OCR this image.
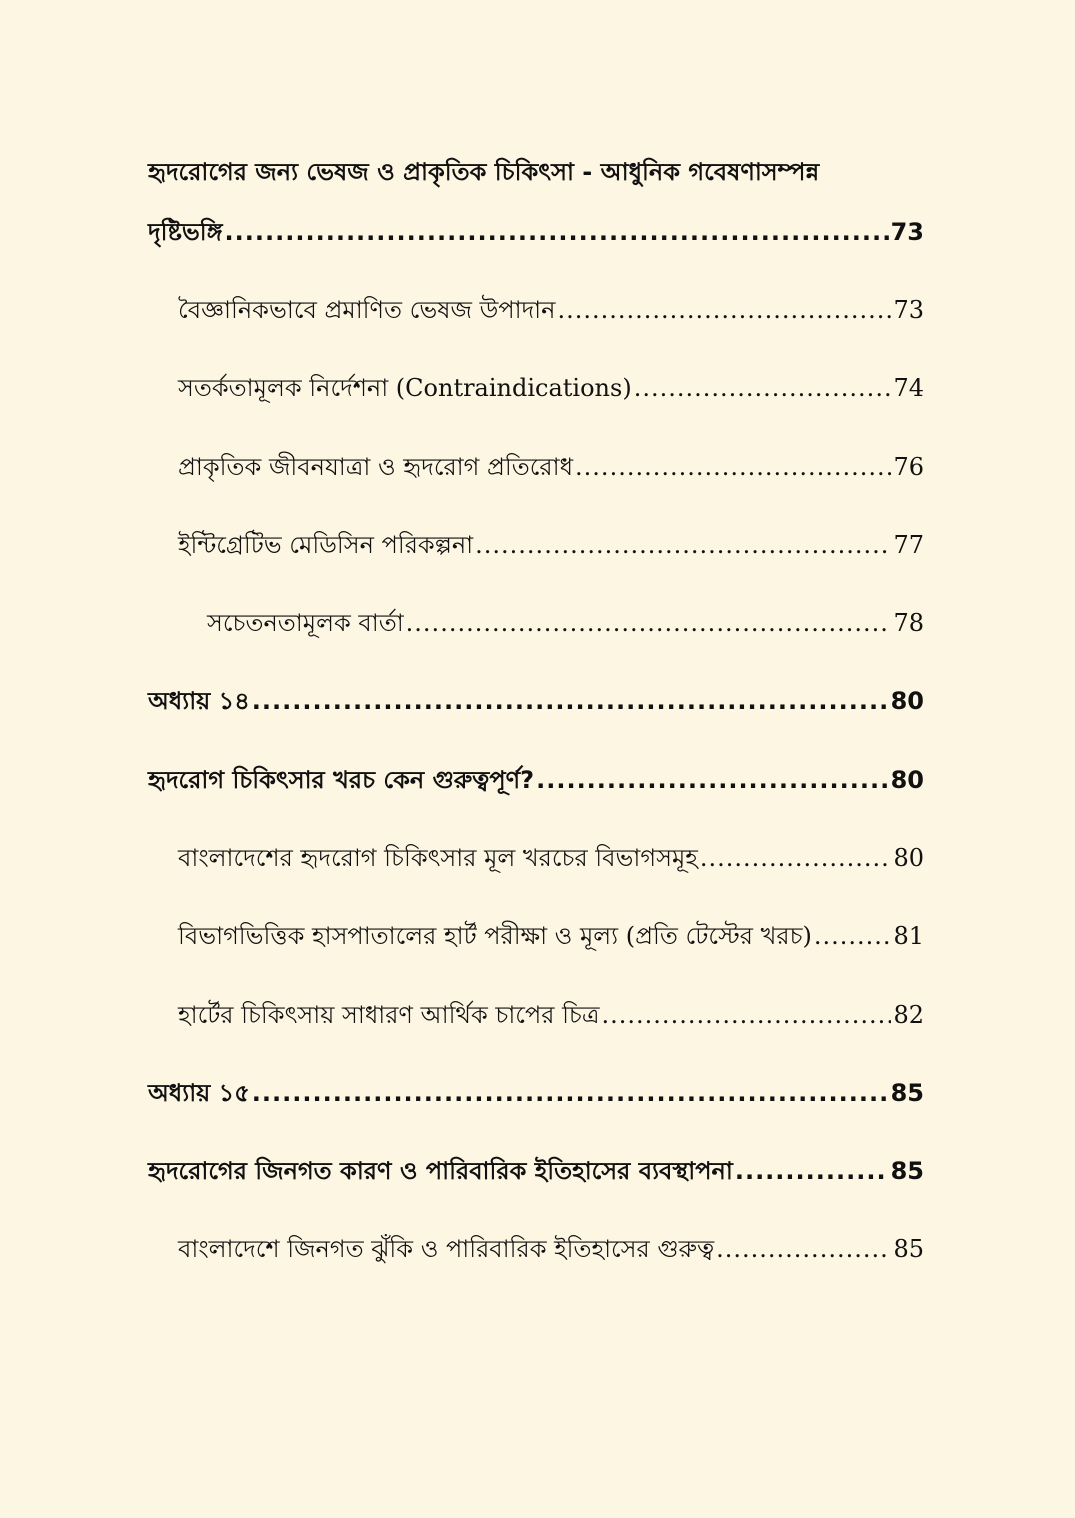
হৃদরোগের জন্য ভেষজ ও প্রাকৃতিক চিকিৎসা - আধুনিক গবেষণাসম্পন্ন
দৃষ্টিভঙ্গি .....	73
বৈজ্ঞানিকভাবে প্রমাণিত ভেষজ উপাদান .....	73
সতর্কতামূলক নির্দেশনা (Contraindications) .....	74
প্রাকৃতিক জীবনযাত্রা ও হৃদরোগ প্রতিরোধ .....	76
ইন্টিগ্রেটিভ মেডিসিন পরিকল্পনা .....	77
সচেতনতামূলক বার্তা .....	78
অধ্যায় ১৪ .....	80
হৃদরোগ চিকিৎসার খরচ কেন গুরুত্বপূর্ণ? .....	80
বাংলাদেশের হৃদরোগ চিকিৎসার মূল খরচের বিভাগসমূহ .....	80
বিভাগভিত্তিক হাসপাতালের হার্ট পরীক্ষা ও মূল্য (প্রতি টেস্টের খরচ) .....	81
হার্টের চিকিৎসায় সাধারণ আর্থিক চাপের চিত্র .....	82
অধ্যায় ১৫ .....	85
হৃদরোগের জিনগত কারণ ও পারিবারিক ইতিহাসের ব্যবস্থাপনা .....	85
বাংলাদেশে জিনগত ঝুঁকি ও পারিবারিক ইতিহাসের গুরুত্ব .....	85
